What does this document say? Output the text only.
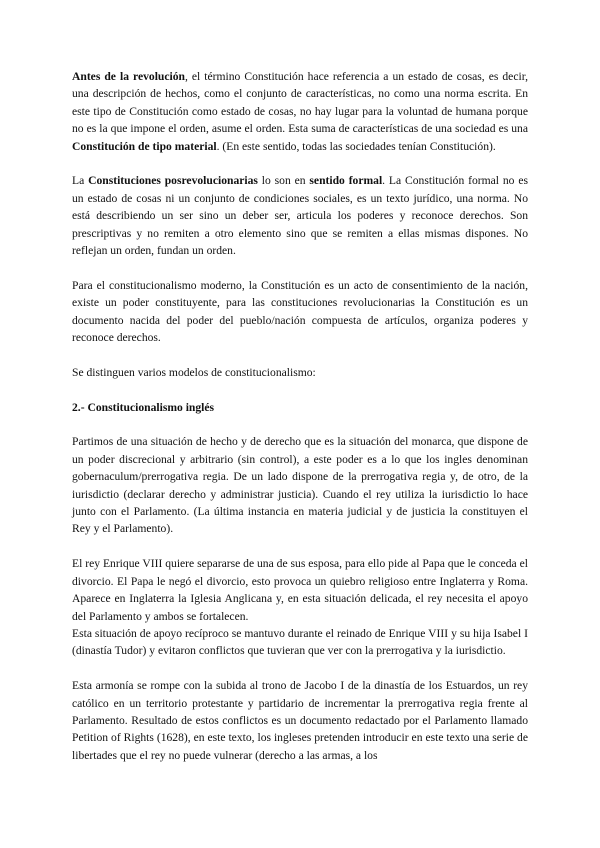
Antes de la revolución, el término Constitución hace referencia a un estado de cosas, es decir, una descripción de hechos, como el conjunto de características, no como una norma escrita. En este tipo de Constitución como estado de cosas, no hay lugar para la voluntad de humana porque no es la que impone el orden, asume el orden. Esta suma de características de una sociedad es una Constitución de tipo material. (En este sentido, todas las sociedades tenían Constitución).

La Constituciones posrevolucionarias lo son en sentido formal. La Constitución formal no es un estado de cosas ni un conjunto de condiciones sociales, es un texto jurídico, una norma. No está describiendo un ser sino un deber ser, articula los poderes y reconoce derechos. Son prescriptivas y no remiten a otro elemento sino que se remiten a ellas mismas dispones. No reflejan un orden, fundan un orden.

Para el constitucionalismo moderno, la Constitución es un acto de consentimiento de la nación, existe un poder constituyente, para las constituciones revolucionarias la Constitución es un documento nacida del poder del pueblo/nación compuesta de artículos, organiza poderes y reconoce derechos.

Se distinguen varios modelos de constitucionalismo:

2.- Constitucionalismo inglés

Partimos de una situación de hecho y de derecho que es la situación del monarca, que dispone de un poder discrecional y arbitrario (sin control), a este poder es a lo que los ingles denominan gobernaculum/prerrogativa regia. De un lado dispone de la prerrogativa regia y, de otro, de la iurisdictio (declarar derecho y administrar justicia). Cuando el rey utiliza la iurisdictio lo hace junto con el Parlamento. (La última instancia en materia judicial y de justicia la constituyen el Rey y el Parlamento).

El rey Enrique VIII quiere separarse de una de sus esposa, para ello pide al Papa que le conceda el divorcio. El Papa le negó el divorcio, esto provoca un quiebro religioso entre Inglaterra y Roma. Aparece en Inglaterra la Iglesia Anglicana y, en esta situación delicada, el rey necesita el apoyo del Parlamento y ambos se fortalecen.

Esta situación de apoyo recíproco se mantuvo durante el reinado de Enrique VIII y su hija Isabel I (dinastía Tudor) y evitaron conflictos que tuvieran que ver con la prerrogativa y la iurisdictio.

Esta armonía se rompe con la subida al trono de Jacobo I de la dinastía de los Estuardos, un rey católico en un territorio protestante y partidario de incrementar la prerrogativa regia frente al Parlamento. Resultado de estos conflictos es un documento redactado por el Parlamento llamado Petition of Rights (1628), en este texto, los ingleses pretenden introducir en este texto una serie de libertades que el rey no puede vulnerar (derecho a las armas, a los
